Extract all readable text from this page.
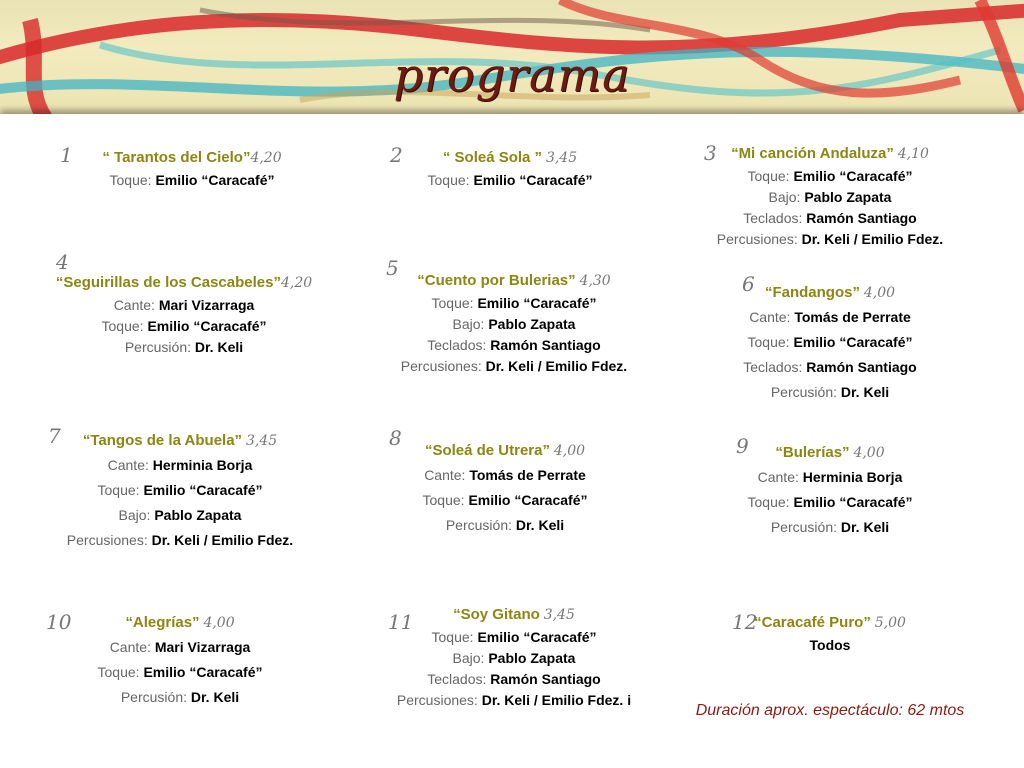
programa
1	“ Tarantos del Cielo”4,20
Toque: Emilio “Caracafé”
2	“ Soleá Sola ” 3,45
Toque: Emilio “Caracafé”
3 “Mi canción Andaluza” 4,10
Toque: Emilio “Caracafé”
Bajo: Pablo Zapata
Teclados: Ramón Santiago
Percusiones: Dr. Keli / Emilio Fdez.
4
“Seguirillas de los Cascabeles”4,20
Cante: Mari Vizarraga
Toque: Emilio “Caracafé”
Percusión: Dr. Keli
5
“Cuento por Bulerias” 4,30
Toque: Emilio “Caracafé”
Bajo: Pablo Zapata
Teclados: Ramón Santiago
Percusiones: Dr. Keli / Emilio Fdez.
6 “Fandangos” 4,00
Cante: Tomás de Perrate
Toque: Emilio “Caracafé”
Teclados: Ramón Santiago
Percusión: Dr. Keli
7	“Tangos de la Abuela” 3,45
Cante: Herminia Borja
Toque: Emilio “Caracafé”
Bajo: Pablo Zapata
Percusiones: Dr. Keli / Emilio Fdez.
8
“Soleá de Utrera” 4,00
Cante: Tomás de Perrate
Toque: Emilio “Caracafé”
Percusión: Dr. Keli
9	“Bulerías” 4,00
Cante: Herminia Borja
Toque: Emilio “Caracafé”
Percusión: Dr. Keli
10	“Alegrías” 4,00
Cante: Mari Vizarraga
Toque: Emilio “Caracafé”
Percusión: Dr. Keli
11	“Soy Gitano 3,45
Toque: Emilio “Caracafé”
Bajo: Pablo Zapata
Teclados: Ramón Santiago
Percusiones: Dr. Keli / Emilio Fdez. i
12
“Caracafé Puro” 5,00
Todos
Duración aprox. espectáculo: 62 mtos
